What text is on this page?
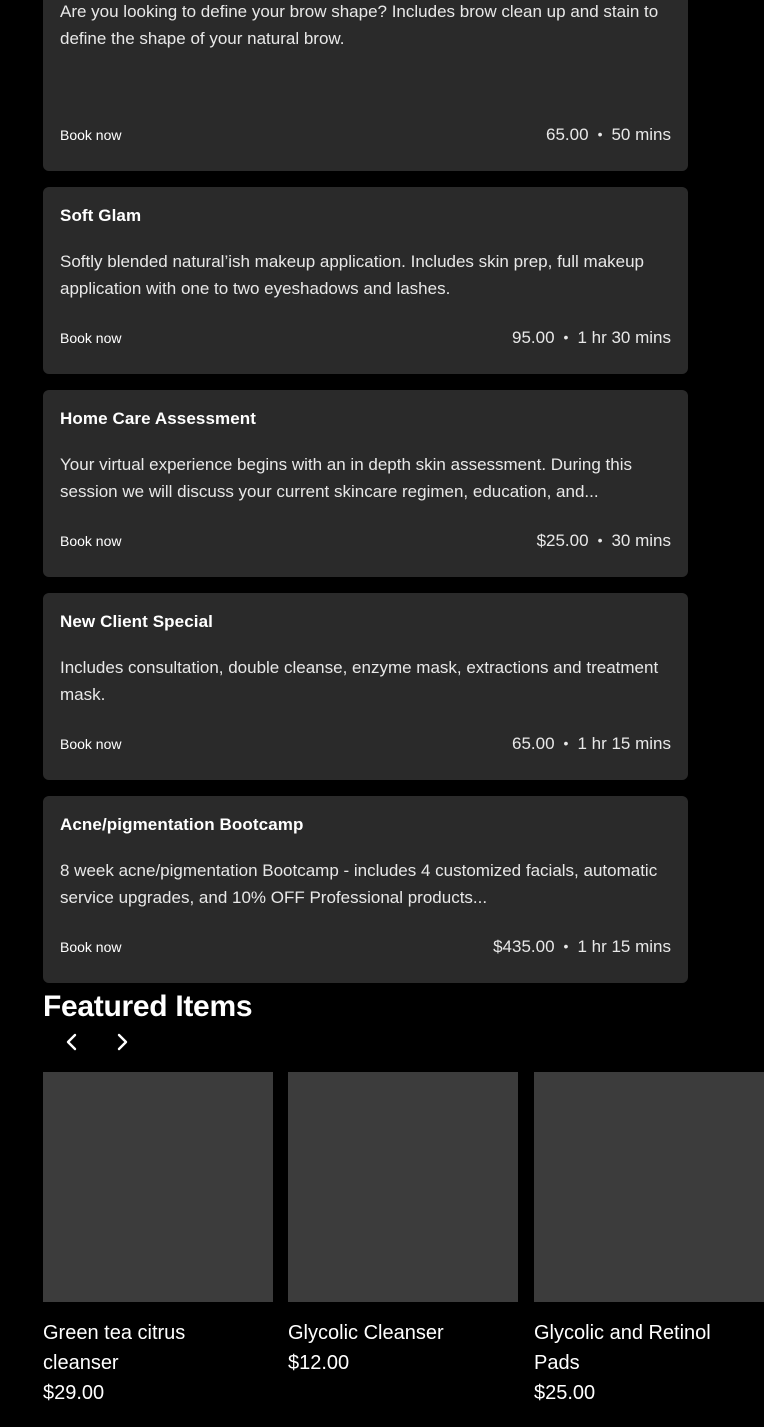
Are you looking to define your brow shape? Includes brow clean up and stain to define the shape of your natural brow.
Book now	65.00 • 50 mins
Soft Glam
Softly blended natural’ish makeup application. Includes skin prep, full makeup application with one to two eyeshadows and lashes.
Book now	95.00 • 1 hr 30 mins
Home Care Assessment
Your virtual experience begins with an in depth skin assessment. During this session we will discuss your current skincare regimen, education, and...
Book now	$25.00 • 30 mins
New Client Special
Includes consultation, double cleanse, enzyme mask, extractions and treatment mask.
Book now	65.00 • 1 hr 15 mins
Acne/pigmentation Bootcamp
8 week acne/pigmentation Bootcamp - includes 4 customized facials, automatic service upgrades, and 10% OFF Professional products...
Book now	$435.00 • 1 hr 15 mins
Featured Items
Green tea citrus cleanser
$29.00
Glycolic Cleanser
$12.00
Glycolic and Retinol Pads
$25.00
